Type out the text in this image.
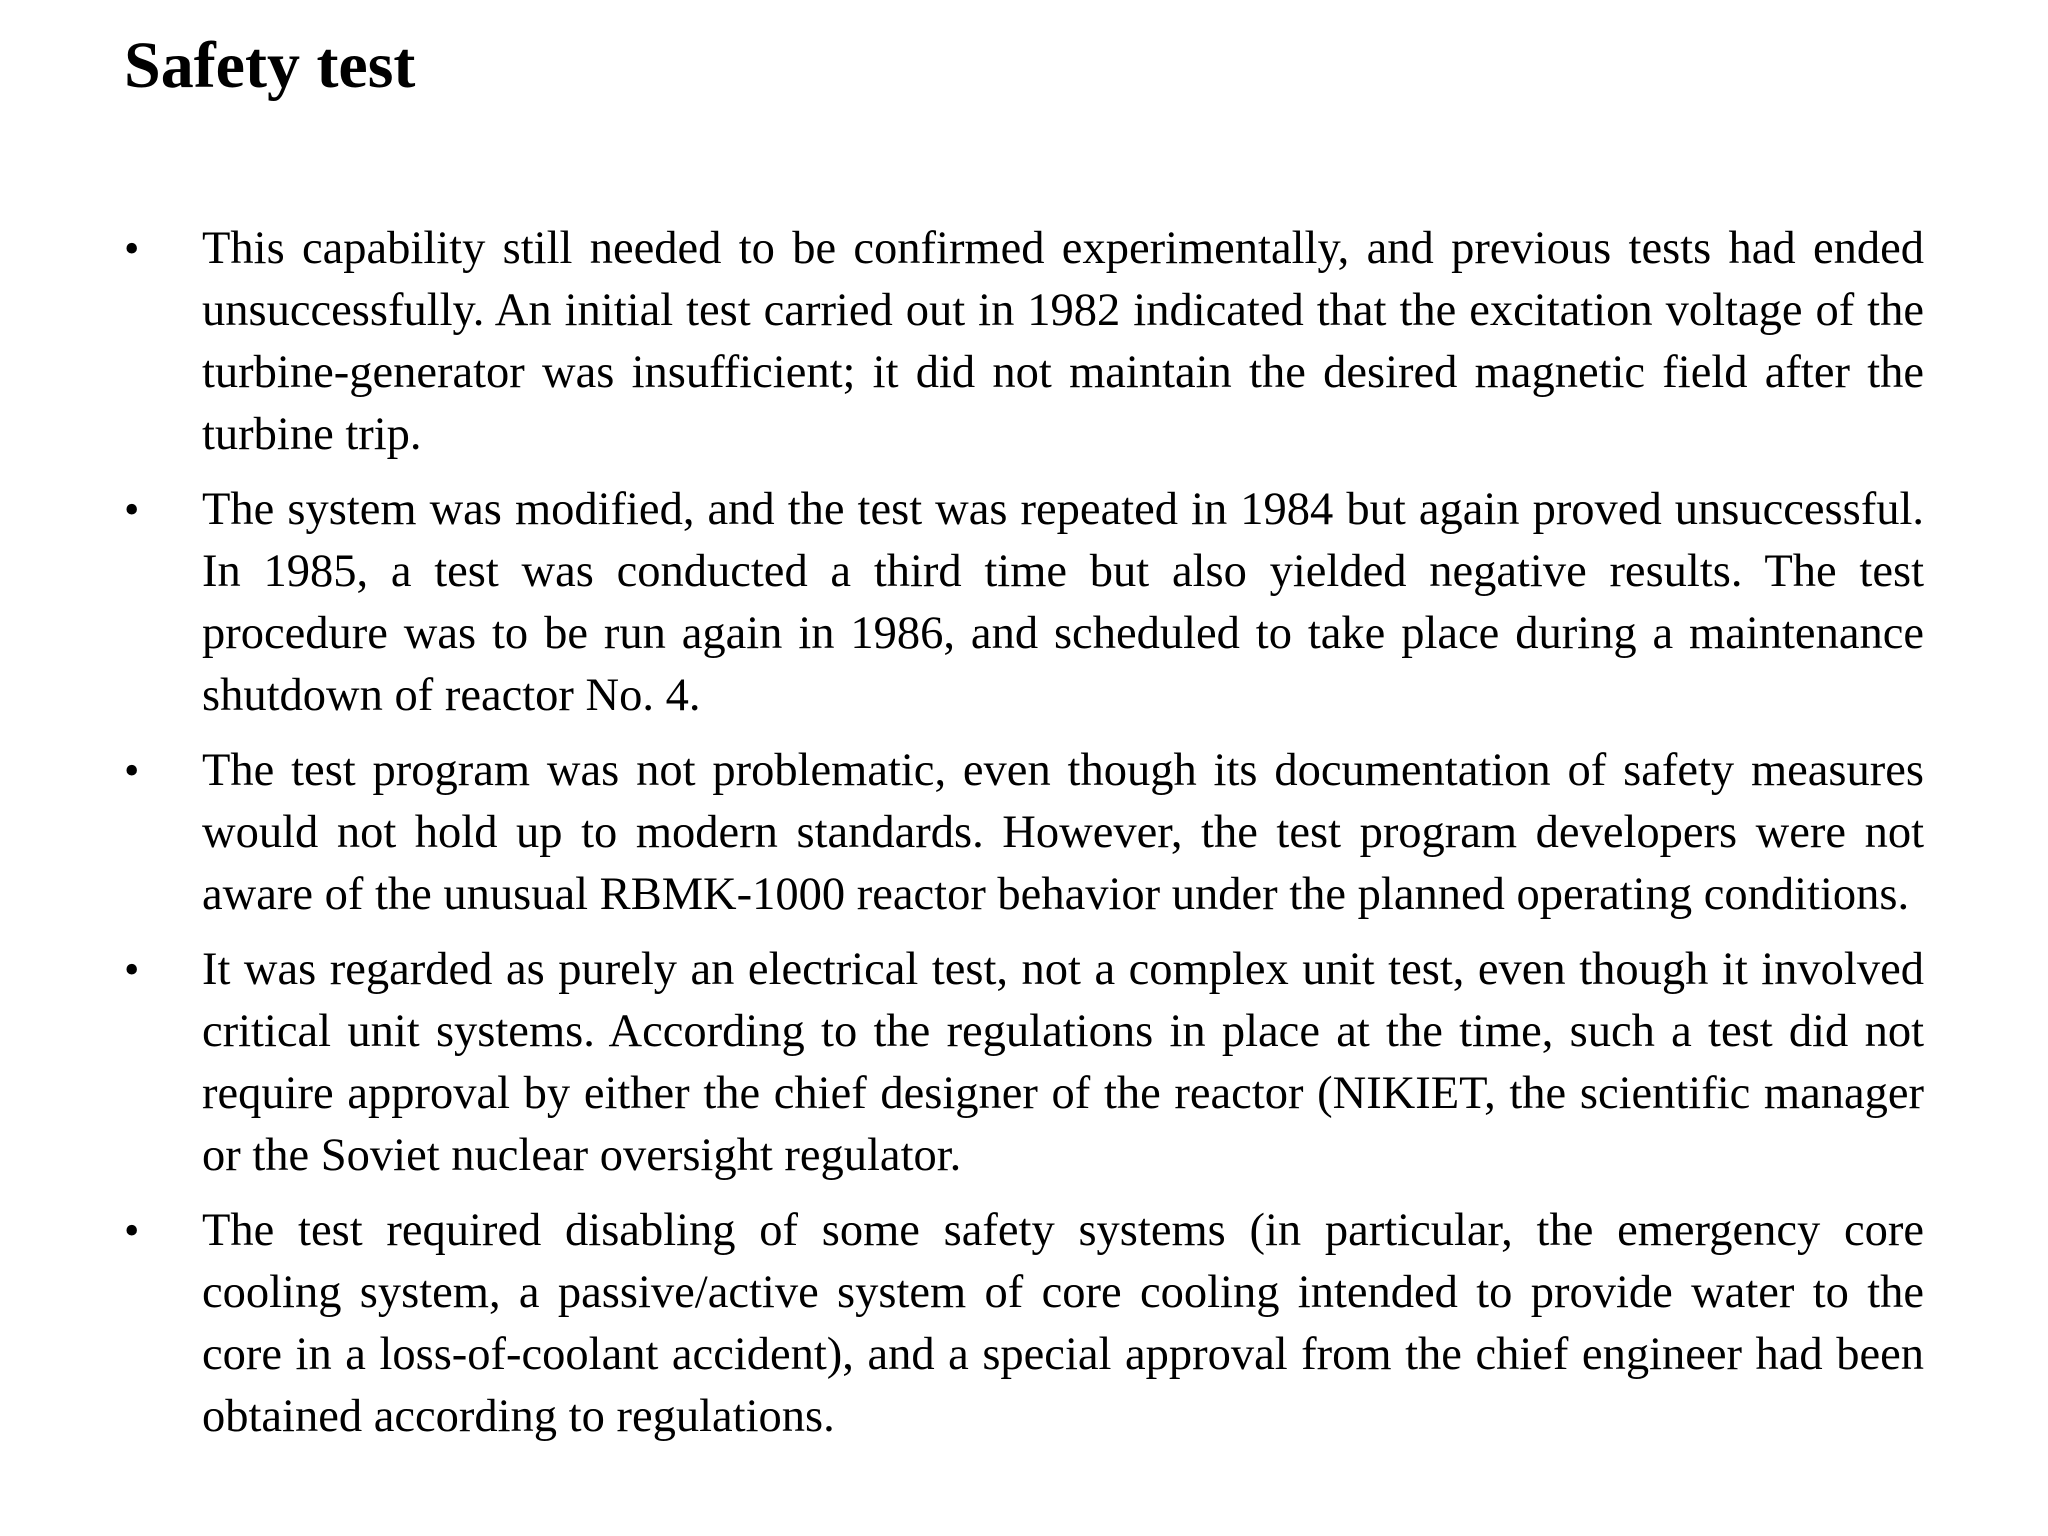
Safety test
•	This capability still needed to be confirmed experimentally, and previous tests had ended unsuccessfully. An initial test carried out in 1982 indicated that the excitation voltage of the turbine-generator was insufficient; it did not maintain the desired magnetic field after the turbine trip.
•	The system was modified, and the test was repeated in 1984 but again proved unsuccessful. In 1985, a test was conducted a third time but also yielded negative results. The test procedure was to be run again in 1986, and scheduled to take place during a maintenance shutdown of reactor No. 4.
•	The test program was not problematic, even though its documentation of safety measures would not hold up to modern standards. However, the test program developers were not aware of the unusual RBMK-1000 reactor behavior under the planned operating conditions.
•	It was regarded as purely an electrical test, not a complex unit test, even though it involved critical unit systems. According to the regulations in place at the time, such a test did not require approval by either the chief designer of the reactor (NIKIET, the scientific manager or the Soviet nuclear oversight regulator.
•	The test required disabling of some safety systems (in particular, the emergency core cooling system, a passive/active system of core cooling intended to provide water to the core in a loss-of-coolant accident), and a special approval from the chief engineer had been obtained according to regulations.
